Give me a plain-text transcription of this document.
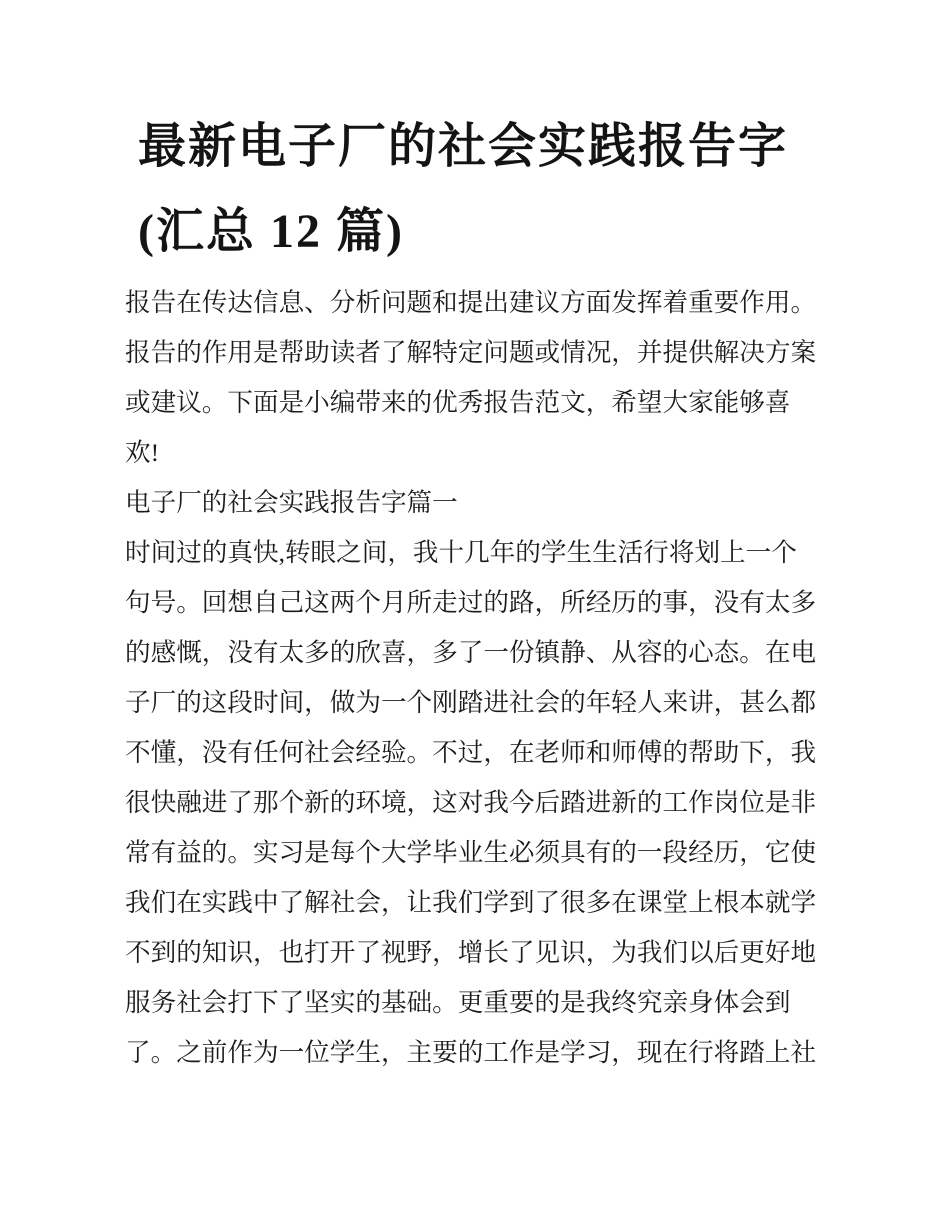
最新电子厂的社会实践报告字
(汇总 12 篇)
报告在传达信息、分析问题和提出建议方面发挥着重要作用。
报告的作用是帮助读者了解特定问题或情况，并提供解决方案
或建议。下面是小编带来的优秀报告范文，希望大家能够喜
欢!
电子厂的社会实践报告字篇一
时间过的真快,转眼之间，我十几年的学生生活行将划上一个
句号。回想自己这两个月所走过的路，所经历的事，没有太多
的感慨，没有太多的欣喜，多了一份镇静、从容的心态。在电
子厂的这段时间，做为一个刚踏进社会的年轻人来讲，甚么都
不懂，没有任何社会经验。不过，在老师和师傅的帮助下，我
很快融进了那个新的环境，这对我今后踏进新的工作岗位是非
常有益的。实习是每个大学毕业生必须具有的一段经历，它使
我们在实践中了解社会，让我们学到了很多在课堂上根本就学
不到的知识，也打开了视野，增长了见识，为我们以后更好地
服务社会打下了坚实的基础。更重要的是我终究亲身体会到
了。之前作为一位学生，主要的工作是学习，现在行将踏上社
